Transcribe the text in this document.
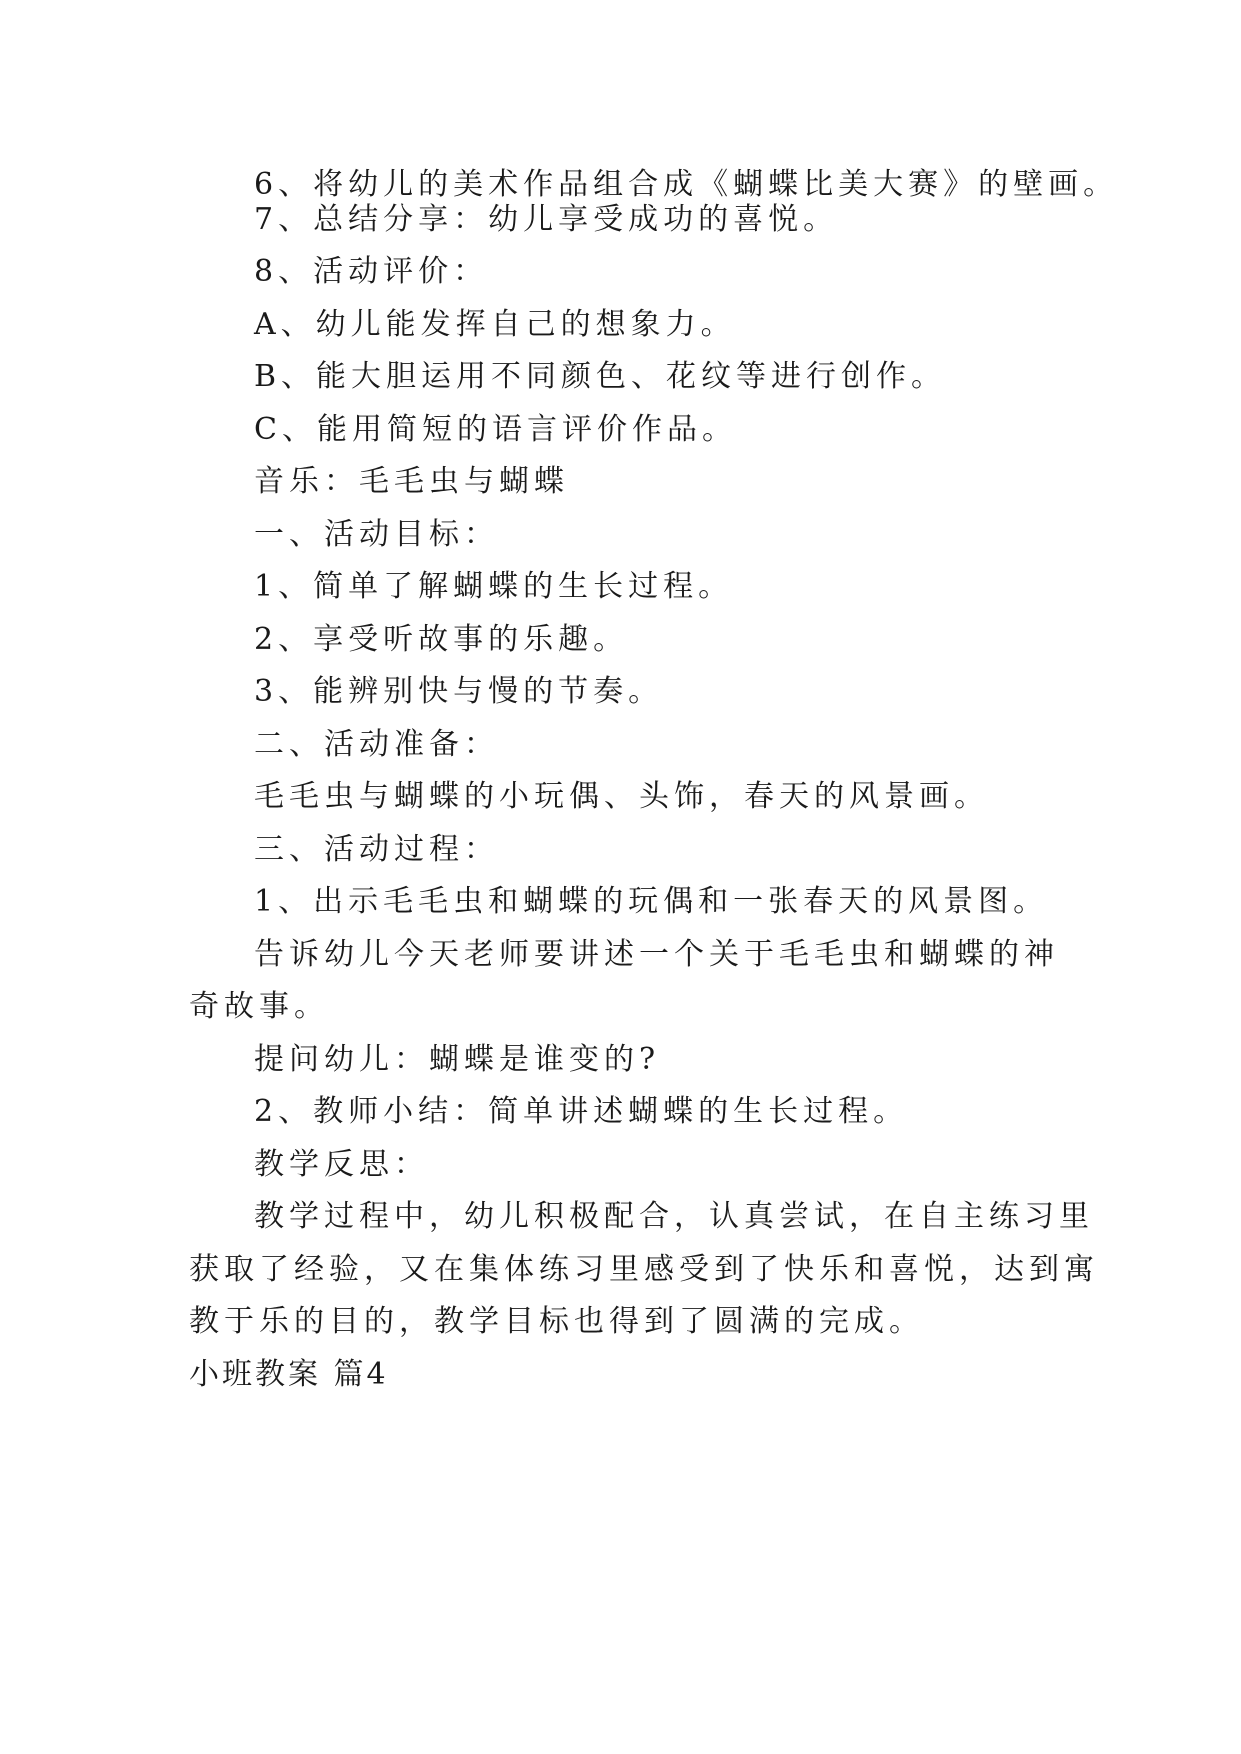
6、将幼儿的美术作品组合成《蝴蝶比美大赛》的壁画。
7、总结分享：幼儿享受成功的喜悦。
8、活动评价：
A、幼儿能发挥自己的想象力。
B、能大胆运用不同颜色、花纹等进行创作。
C、能用简短的语言评价作品。
音乐：毛毛虫与蝴蝶
一、活动目标：
1、简单了解蝴蝶的生长过程。
2、享受听故事的乐趣。
3、能辨别快与慢的节奏。
二、活动准备：
毛毛虫与蝴蝶的小玩偶、头饰，春天的风景画。
三、活动过程：
1、出示毛毛虫和蝴蝶的玩偶和一张春天的风景图。
告诉幼儿今天老师要讲述一个关于毛毛虫和蝴蝶的神
奇故事。
提问幼儿：蝴蝶是谁变的?
2、教师小结：简单讲述蝴蝶的生长过程。
教学反思：
教学过程中，幼儿积极配合，认真尝试，在自主练习里
获取了经验，又在集体练习里感受到了快乐和喜悦，达到寓
教于乐的目的，教学目标也得到了圆满的完成。
小班教案 篇4
